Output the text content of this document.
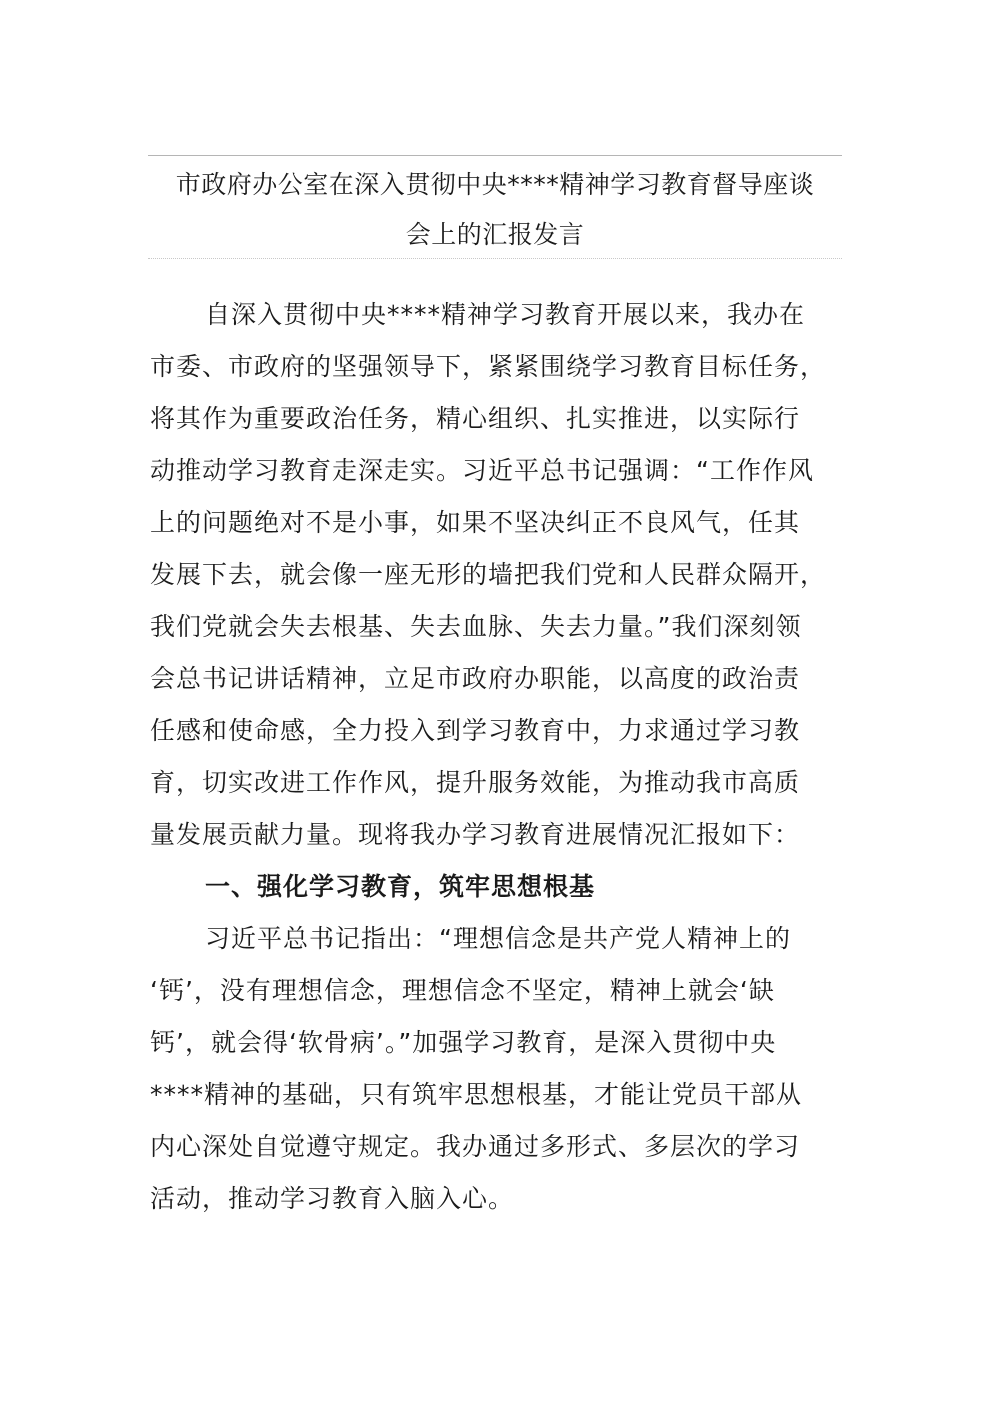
市政府办公室在深入贯彻中央****精神学习教育督导座谈
会上的汇报发言
自深入贯彻中央****精神学习教育开展以来，我办在
市委、市政府的坚强领导下，紧紧围绕学习教育目标任务，
将其作为重要政治任务，精心组织、扎实推进，以实际行
动推动学习教育走深走实。习近平总书记强调：“工作作风
上的问题绝对不是小事，如果不坚决纠正不良风气，任其
发展下去，就会像一座无形的墙把我们党和人民群众隔开，
我们党就会失去根基、失去血脉、失去力量。”我们深刻领
会总书记讲话精神，立足市政府办职能，以高度的政治责
任感和使命感，全力投入到学习教育中，力求通过学习教
育，切实改进工作作风，提升服务效能，为推动我市高质
量发展贡献力量。现将我办学习教育进展情况汇报如下：
一、强化学习教育，筑牢思想根基
习近平总书记指出：“理想信念是共产党人精神上的
‘钙’，没有理想信念，理想信念不坚定，精神上就会‘缺
钙’，就会得‘软骨病’。”加强学习教育，是深入贯彻中央
****精神的基础，只有筑牢思想根基，才能让党员干部从
内心深处自觉遵守规定。我办通过多形式、多层次的学习
活动，推动学习教育入脑入心。
